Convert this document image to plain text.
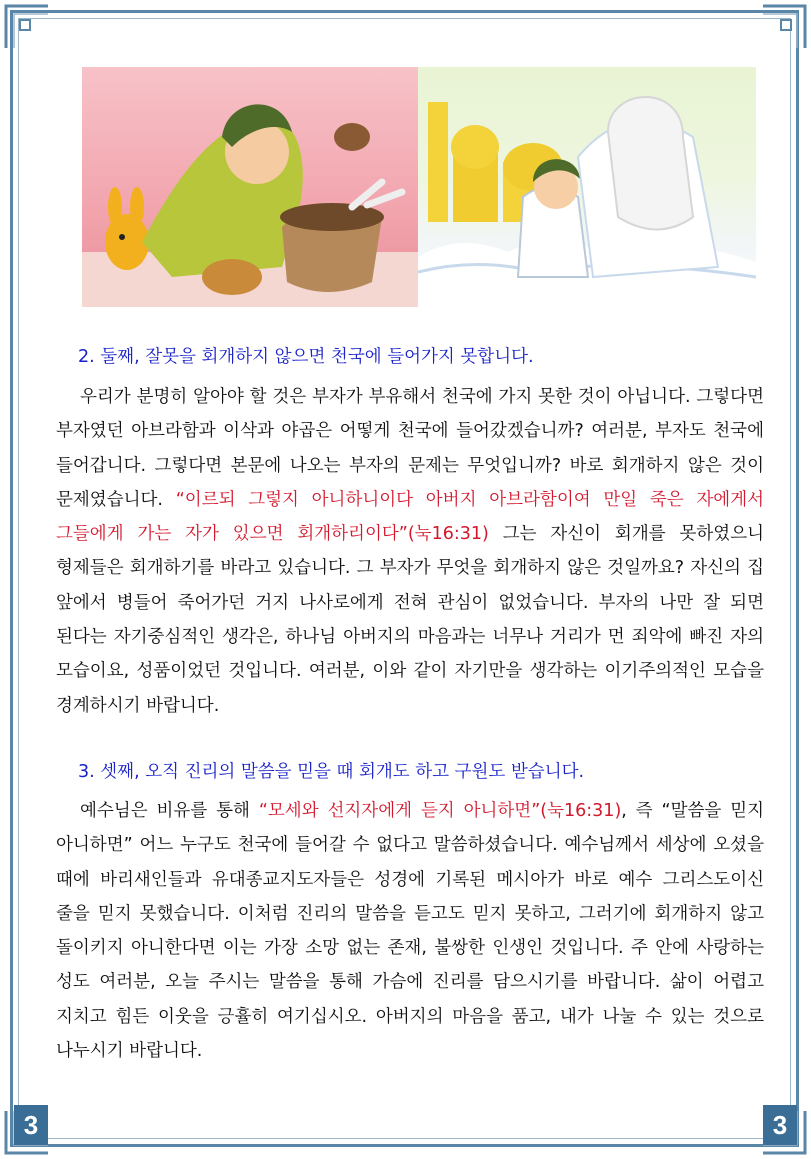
2. 둘째, 잘못을 회개하지 않으면 천국에 들어가지 못합니다.
우리가 분명히 알아야 할 것은 부자가 부유해서 천국에 가지 못한 것이 아닙니다. 그렇다면 부자였던 아브라함과 이삭과 야곱은 어떻게 천국에 들어갔겠습니까? 여러분, 부자도 천국에 들어갑니다. 그렇다면 본문에 나오는 부자의 문제는 무엇입니까? 바로 회개하지 않은 것이 문제였습니다. “이르되 그렇지 아니하니이다 아버지 아브라함이여 만일 죽은 자에게서 그들에게 가는 자가 있으면 회개하리이다”(눅16:31) 그는 자신이 회개를 못하였으니 형제들은 회개하기를 바라고 있습니다. 그 부자가 무엇을 회개하지 않은 것일까요? 자신의 집 앞에서 병들어 죽어가던 거지 나사로에게 전혀 관심이 없었습니다. 부자의 나만 잘 되면 된다는 자기중심적인 생각은, 하나님 아버지의 마음과는 너무나 거리가 먼 죄악에 빠진 자의 모습이요, 성품이었던 것입니다. 여러분, 이와 같이 자기만을 생각하는 이기주의적인 모습을 경계하시기 바랍니다.
3. 셋째, 오직 진리의 말씀을 믿을 때 회개도 하고 구원도 받습니다.
예수님은 비유를 통해 “모세와 선지자에게 듣지 아니하면”(눅16:31), 즉 “말씀을 믿지 아니하면” 어느 누구도 천국에 들어갈 수 없다고 말씀하셨습니다. 예수님께서 세상에 오셨을 때에 바리새인들과 유대종교지도자들은 성경에 기록된 메시아가 바로 예수 그리스도이신 줄을 믿지 못했습니다. 이처럼 진리의 말씀을 듣고도 믿지 못하고, 그러기에 회개하지 않고 돌이키지 아니한다면 이는 가장 소망 없는 존재, 불쌍한 인생인 것입니다. 주 안에 사랑하는 성도 여러분, 오늘 주시는 말씀을 통해 가슴에 진리를 담으시기를 바랍니다. 삶이 어렵고 지치고 힘든 이웃을 긍휼히 여기십시오. 아버지의 마음을 품고, 내가 나눌 수 있는 것으로 나누시기 바랍니다.
3	3
